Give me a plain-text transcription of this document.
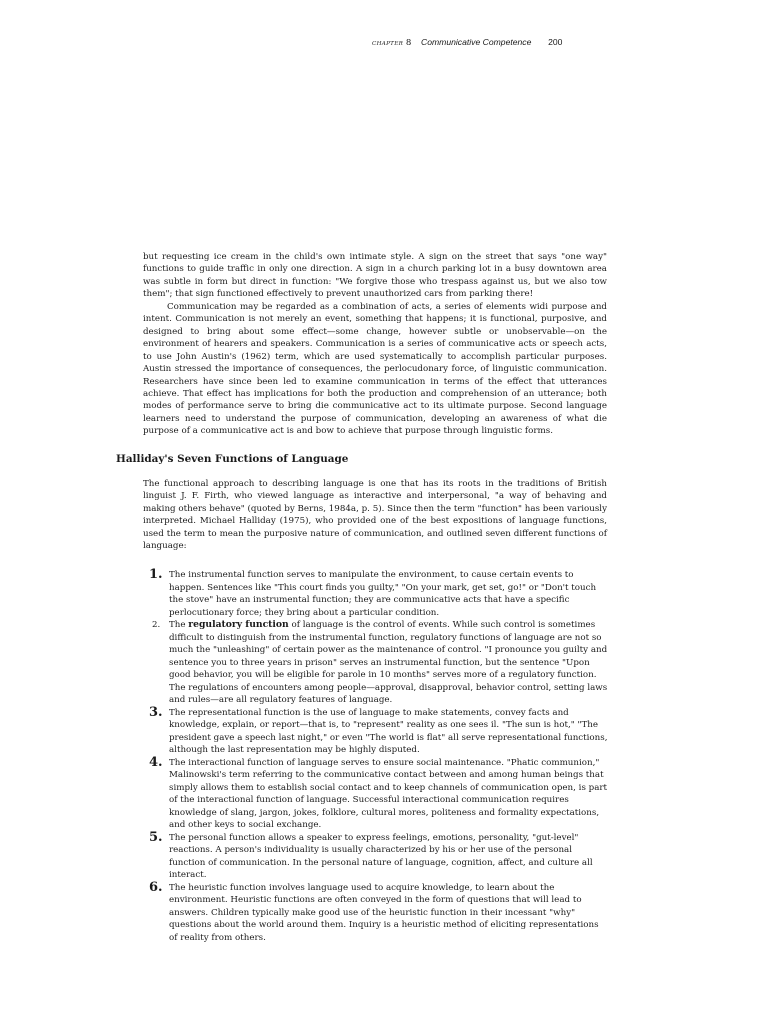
CHAPTER 8 Communicative Competence 200

but requesting ice cream in the child's own intimate style. A sign on the street that says "one way" functions to guide traffic in only one direction. A sign in a church parking lot in a busy downtown area was subtle in form but direct in function: "We forgive those who trespass against us, but we also tow them"; that sign functioned effectively to prevent unauthorized cars from parking there!

Communication may be regarded as a combination of acts, a series of elements widi purpose and intent. Communication is not merely an event, something that happens; it is functional, purposive, and designed to bring about some effect—some change, however subtle or unobservable—on the environment of hearers and speakers. Communication is a series of communicative acts or speech acts, to use John Austin's (1962) term, which are used systematically to accomplish particular purposes. Austin stressed the importance of consequences, the perlocudonary force, of linguistic communication. Researchers have since been led to examine communication in terms of the effect that utterances achieve. That effect has implications for both the production and comprehension of an utterance; both modes of performance serve to bring die communicative act to its ultimate purpose. Second language learners need to understand the purpose of communication, developing an awareness of what die purpose of a communicative act is and bow to achieve that purpose through linguistic forms.

Halliday's Seven Functions of Language

The functional approach to describing language is one that has its roots in the traditions of British linguist J. F. Firth, who viewed language as interactive and interpersonal, "a way of behaving and making others behave" (quoted by Berns, 1984a, p. 5). Since then the term "function" has been variously interpreted. Michael Halliday (1975), who provided one of the best expositions of language functions, used the term to mean the purposive nature of communication, and outlined seven different functions of language:

1. The instrumental function serves to manipulate the environment, to cause certain events to happen. Sentences like "This court finds you guilty," "On your mark, get set, go!" or "Don't touch the stove" have an instrumental function; they are communicative acts that have a specific perlocutionary force; they bring about a particular condition.
2. The regulatory function of language is the control of events. While such control is sometimes difficult to distinguish from the instrumental function, regulatory functions of language are not so much the "unleashing" of certain power as the maintenance of control. "I pronounce you guilty and sentence you to three years in prison" serves an instrumental function, but the sentence "Upon good behavior, you will be eligible for parole in 10 months" serves more of a regulatory function. The regulations of encounters among people—approval, disapproval, behavior control, setting laws and rules—are all regulatory features of language.
3. The representational function is the use of language to make statements, convey facts and knowledge, explain, or report—that is, to "represent" reality as one sees il. "The sun is hot," "The president gave a speech last night," or even "The world is flat" all serve representational functions, although the last representation may be highly disputed.
4. The interactional function of language serves to ensure social maintenance. "Phatic communion," Malinowski's term referring to the communicative contact between and among human beings that simply allows them to establish social contact and to keep channels of communication open, is part of the interactional function of language. Successful interactional communication requires knowledge of slang, jargon, jokes, folklore, cultural mores, politeness and formality expectations, and other keys to social exchange.
5. The personal function allows a speaker to express feelings, emotions, personality, "gut-level" reactions. A person's individuality is usually characterized by his or her use of the personal function of communication. In the personal nature of language, cognition, affect, and culture all interact.
6. The heuristic function involves language used to acquire knowledge, to learn about the environment. Heuristic functions are often conveyed in the form of questions that will lead to answers. Children typically make good use of the heuristic function in their incessant "why" questions about the world around them. Inquiry is a heuristic method of eliciting representations of reality from others.
